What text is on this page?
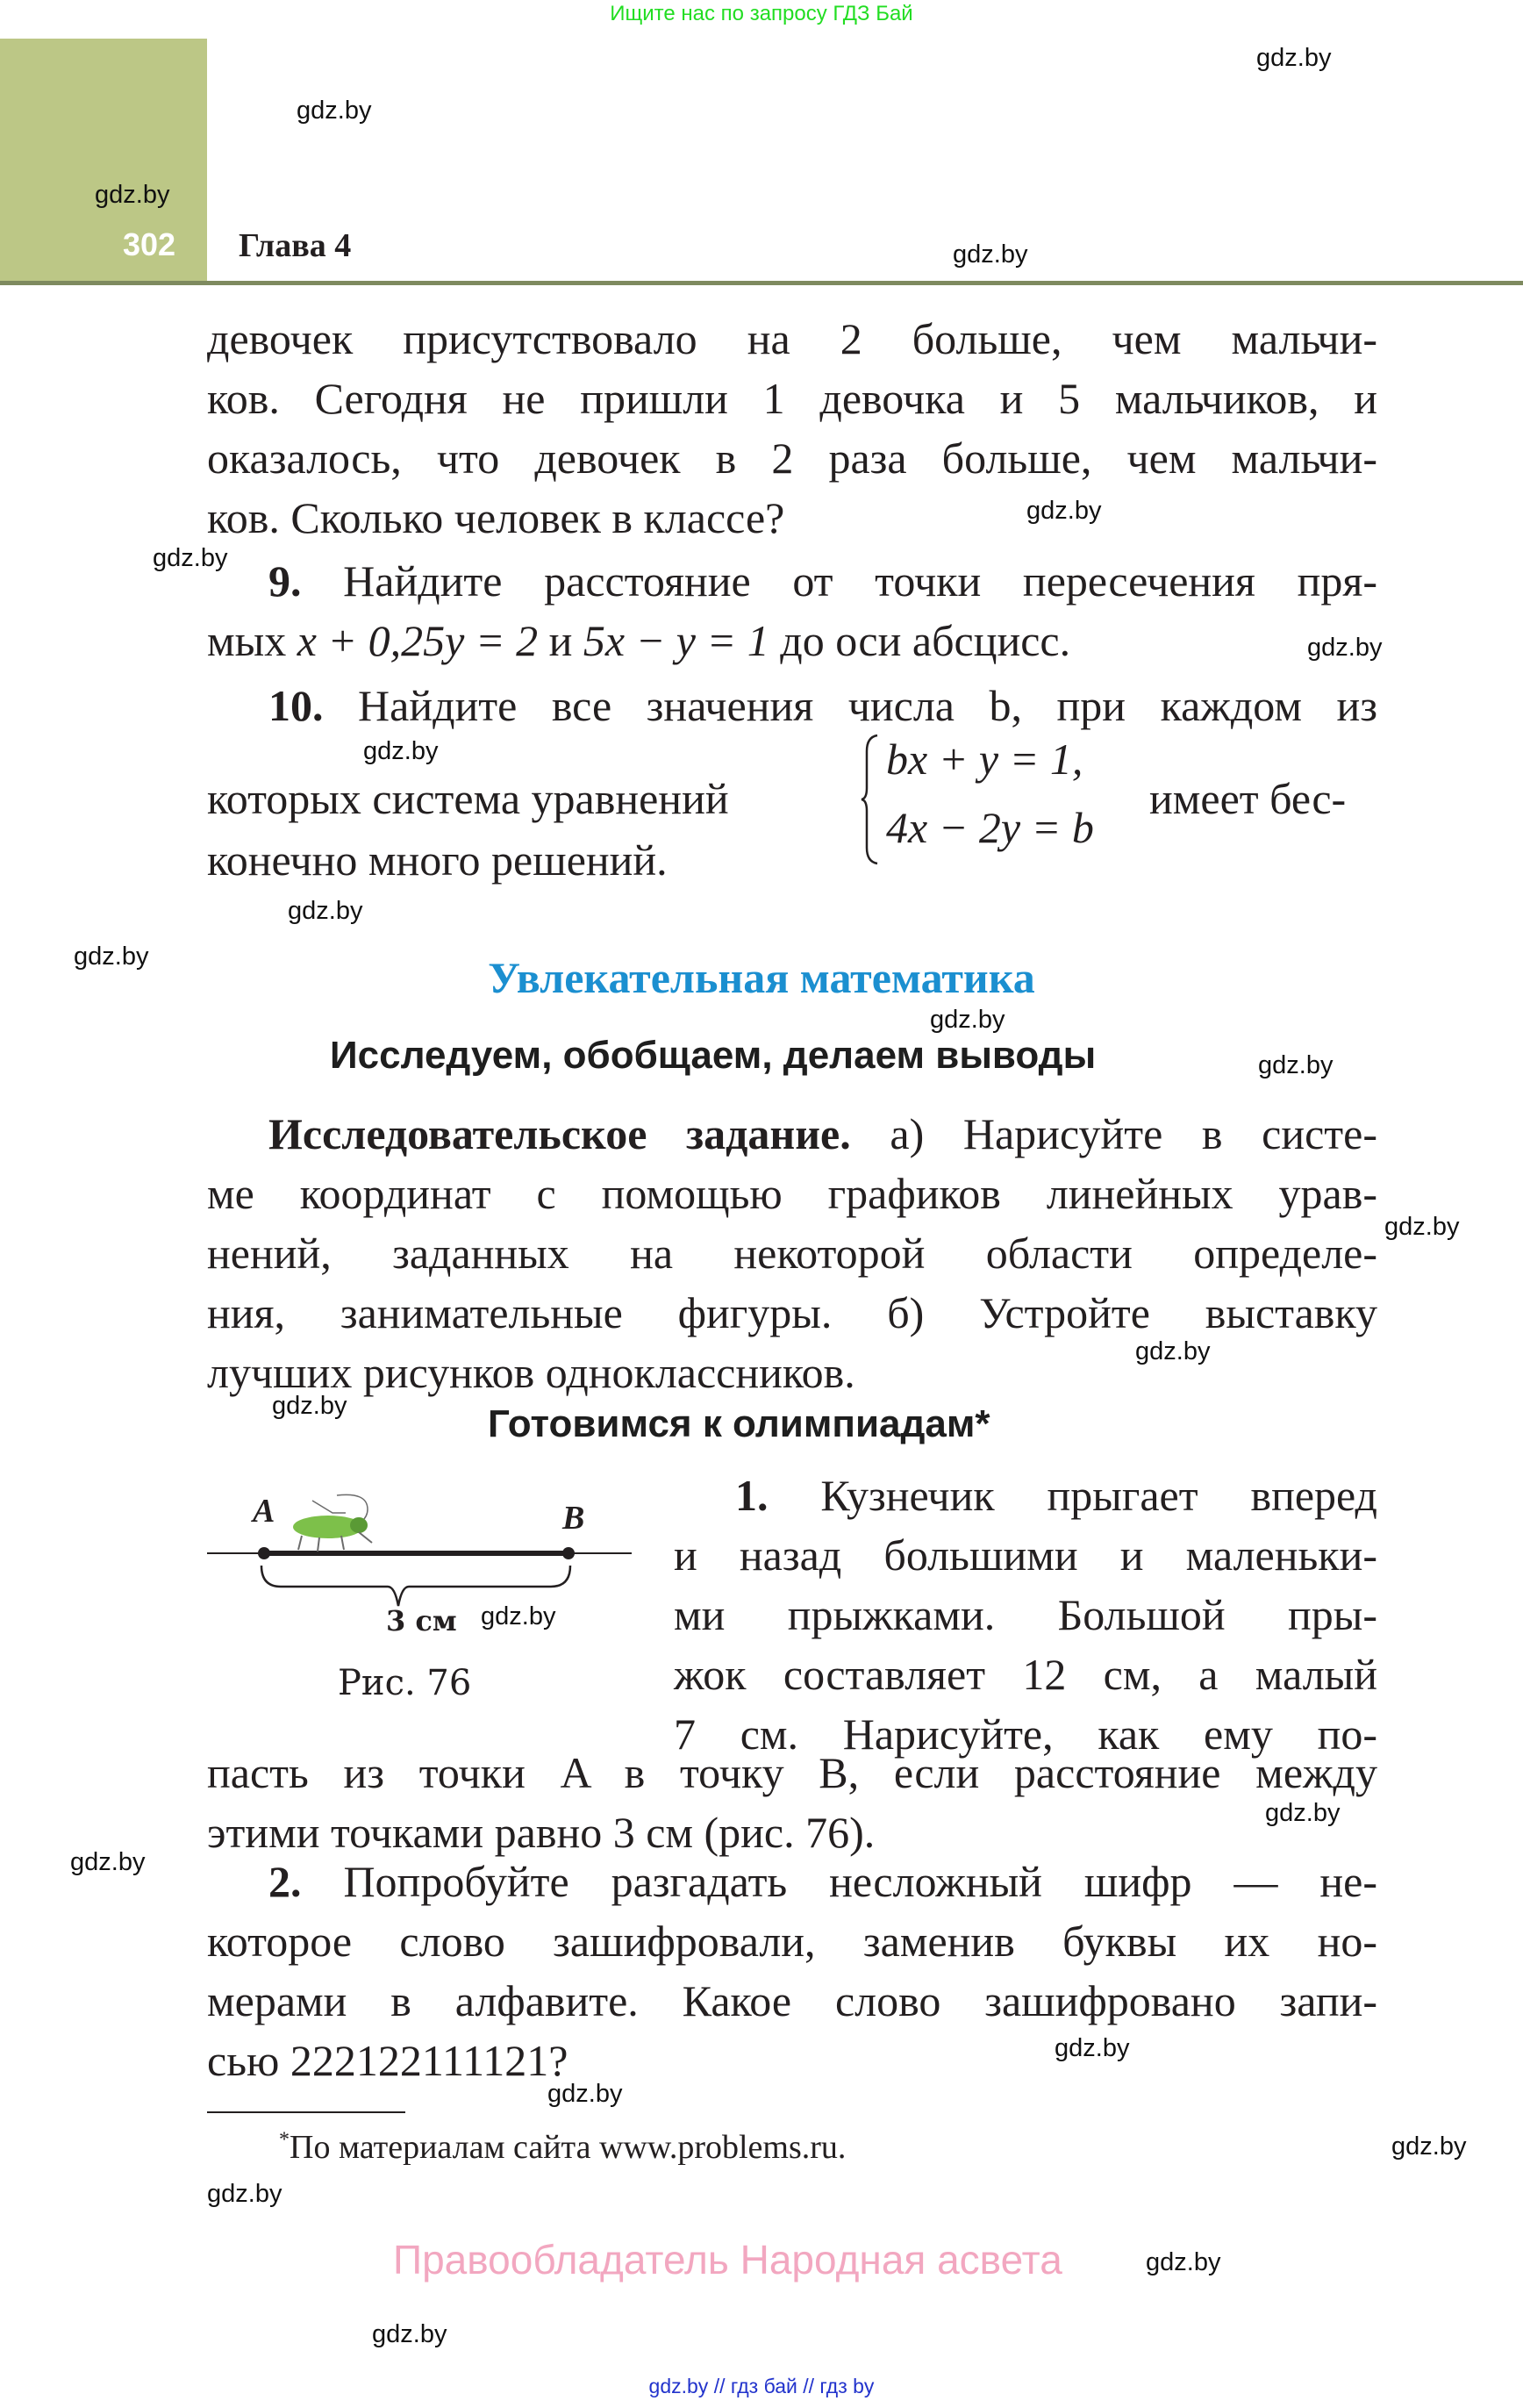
Ищите нас по запросу ГДЗ Бай
302 Глава 4
девочек присутствовало на 2 больше, чем мальчи-
ков. Сегодня не пришли 1 девочка и 5 мальчиков, и
оказалось, что девочек в 2 раза больше, чем мальчи-
ков. Сколько человек в классе?
9. Найдите расстояние от точки пересечения пря-
мых x + 0,25y = 2 и 5x − y = 1 до оси абсцисс.
10. Найдите все значения числа b, при каждом из
которых система уравнений	имеет бес-
конечно много решений.
bx + y = 1,
4x − 2y = b
Увлекательная математика
Исследуем, обобщаем, делаем выводы
Исследовательское задание. а) Нарисуйте в систе-
ме координат с помощью графиков линейных урав-
нений, заданных на некоторой области определе-
ния, занимательные фигуры. б) Устройте выставку
лучших рисунков одноклассников.
Готовимся к олимпиадам*
A	B
3 см
Рис. 76
1. Кузнечик прыгает вперед
и назад большими и маленьки-
ми прыжками. Большой пры-
жок составляет 12 см, а малый
7 см. Нарисуйте, как ему по-
пасть из точки A в точку B, если расстояние между
этими точками равно 3 см (рис. 76).
2. Попробуйте разгадать несложный шифр — не-
которое слово зашифровали, заменив буквы их но-
мерами в алфавите. Какое слово зашифровано запи-
сью 222122111121?
*По материалам сайта www.problems.ru.
Правообладатель Народная асвета
gdz.by // гдз бай // гдз by
gdz.by
gdz.by
gdz.by
gdz.by
gdz.by
gdz.by
gdz.by
gdz.by
gdz.by
gdz.by
gdz.by
gdz.by
gdz.by
gdz.by
gdz.by
gdz.by
gdz.by
gdz.by
gdz.by
gdz.by
gdz.by
gdz.by
gdz.by
gdz.by
